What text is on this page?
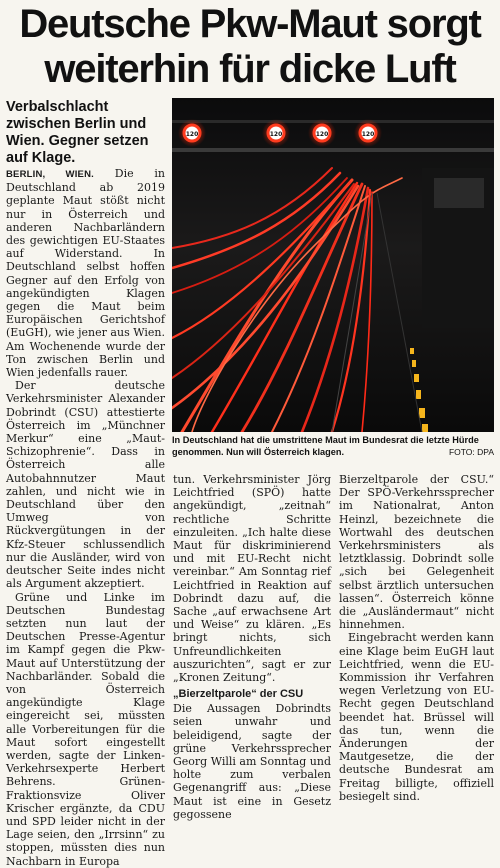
Deutsche Pkw-Maut sorgt weiterhin für dicke Luft
Verbalschlacht zwischen Berlin und Wien. Gegner setzen auf Klage.

BERLIN, WIEN. Die in Deutschland ab 2019 geplante Maut stößt nicht nur in Österreich und anderen Nachbarländern des gewichtigen EU-Staates auf Widerstand. In Deutschland selbst hoffen Gegner auf den Erfolg von angekündigten Klagen gegen die Maut beim Europäischen Gerichtshof (EuGH), wie jener aus Wien. Am Wochenende wurde der Ton zwischen Berlin und Wien jedenfalls rauer.

Der deutsche Verkehrsminister Alexander Dobrindt (CSU) attestierte Österreich im „Münchner Merkur“ eine „Maut-Schizophrenie“. Dass in Österreich alle Autobahnnutzer Maut zahlen, und nicht wie in Deutschland über den Umweg von Rückvergütungen in der Kfz-Steuer schlussendlich nur die Ausländer, wird von deutscher Seite indes nicht als Argument akzeptiert.

Grüne und Linke im Deutschen Bundestag setzten nun laut der Deutschen Presse-Agentur im Kampf gegen die Pkw-Maut auf Unterstützung der Nachbarländer. Sobald die von Österreich angekündigte Klage eingereicht sei, müssten alle Vorbereitungen für die Maut sofort eingestellt werden, sagte der Linken-Verkehrsexperte Herbert Behrens. Grünen-Fraktionsvize Oliver Krischer ergänzte, da CDU und SPD leider nicht in der Lage seien, den „Irrsinn“ zu stoppen, müssten dies nun Nachbarn in Europa

120	120	120	120
In Deutschland hat die umstrittene Maut im Bundesrat die letzte Hürde genommen. Nun will Österreich klagen.	FOTO: DPA

tun. Verkehrsminister Jörg Leichtfried (SPÖ) hatte angekündigt, „zeitnah“ rechtliche Schritte einzuleiten. „Ich halte diese Maut für diskriminierend und mit EU-Recht nicht vereinbar.“ Am Sonntag rief Leichtfried in Reaktion auf Dobrindt dazu auf, die Sache „auf erwachsene Art und Weise“ zu klären. „Es bringt nichts, sich Unfreundlichkeiten auszurichten“, sagt er zur „Kronen Zeitung“.

„Bierzeltparole“ der CSU

Die Aussagen Dobrindts seien unwahr und beleidigend, sagte der grüne Verkehrssprecher Georg Willi am Sonntag und holte zum verbalen Gegenangriff aus: „Diese Maut ist eine in Gesetz gegossene

Bierzeltparole der CSU.“ Der SPÖ-Verkehrssprecher im Nationalrat, Anton Heinzl, bezeichnete die Wortwahl des deutschen Verkehrsministers als letztklassig. Dobrindt solle „sich bei Gelegenheit selbst ärztlich untersuchen lassen“. Österreich könne die „Ausländermaut“ nicht hinnehmen.

Eingebracht werden kann eine Klage beim EuGH laut Leichtfried, wenn die EU-Kommission ihr Verfahren wegen Verletzung von EU-Recht gegen Deutschland beendet hat. Brüssel will das tun, wenn die Änderungen der Mautgesetze, die der deutsche Bundesrat am Freitag billigte, offiziell besiegelt sind.
